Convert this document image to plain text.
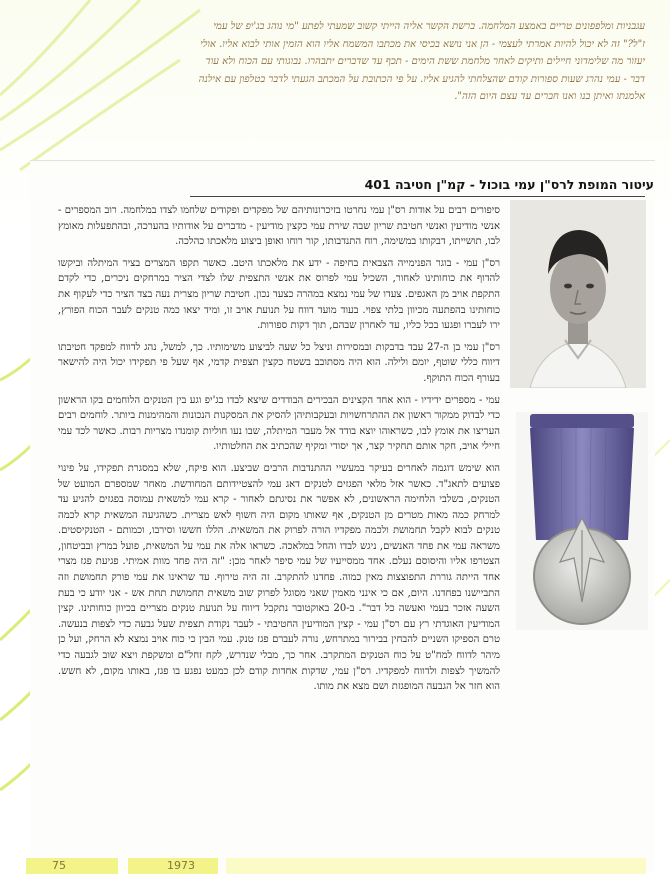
עגבניות ומלפפונים טריים באמצע המלחמה. ברשת הקשר אליה הייתי קשוב שמעתי לפתע "מי נוהג בג'יפ של עמי ז"ל?" זה לא יכול להיות אמרתי לעצמי - הן אני נושא בכיסי את מכתבו המשמח אליו הוא הזמין אותי לבוא אליו. אולי יעזור מה שלימדוני חיילים ותיקים לאחר מלחמת ששת הימים - תכף עד שדברים יתבהרו. נבוגותי עם הכוח ולא עוד דבר - עמי נהרג שעות ספורות קודם שהצלחתי להגיע אליו. על פי הכתובת על המכתב הגעתי לדבר בטלפון עם אילנה אלמנתו ואיתן בנו ואנו חברים עד עצם היום הזה".
עיטור המופת לרס"ן עמי בוכול - קמ"ן חטיבה 401

סיפורים רבים על אודות רס"ן עמי נחרטו בזיכרונותיהם של מפקדים ופקודים שלחמו לצדו במלחמה. רוב המספרים - אנשי מודיעין ואנשי חטיבת שריון שבה שירת עמי כקצין מודיעין - מדברים על אודותיו בהערכה, ובהתפעלות מאומץ לבו, תושייתו, דבקותו במשימה, רוח התנדבותו, קור רוחו ואופן ביצוע מלאכתו כהלכה.

רס"ן עמי - בוגר הפנימייה הצבאית בחיפה - ידע את מלאכתו היטב. כאשר תקפו המצרים בציר המיתלה וביקשו להדוף את כוחותינו לאחור, השכיל עמי לפרוס את אנשי התצפית שלו לצדי הציר במרחקים ניכרים, כדי לקדם התקפת אויב מן האגפים. צעדו של עמי נמצא במהרה כצעד נכון. חטיבת שריון מצרית נעה בצד הציר כדי לעקוף את כוחותינו בהפתעה מכיוון בלתי צפוי. בעוד מועד דווח על תנועת אויב זו, ומיד יצאו כמה טנקים לעבר הכוח הפורץ, ירו לעברו ופגעו בכל כליו, עד לאחרון שבהם, תוך דקות ספורות.

רס"ן עמי בן ה-27 עבד בדבקות ובמסירות וניצל כל שעה לביצוע משימותיו. כך, למשל, נהג לדווח למפקד חטיבתו דיווח כללי שוטף, יומם ולילה. הוא היה מסתובב בשטח כקצין תצפית קדמי, אף שעל פי תפקידו יכול היה להישאר בעורף הכוח התוקף.

עמי - מספרים ידידיו - הוא אחד הקצינים הבכירים הבודדים שיצא לבדו בג'יפ וגע בין הטנקים הלוחמים בקו הראשון כדי לבדוק ממקור ראשון את ההתרחשויות ובעקבותיהן להסיק את המסקנות הנכונות והמהימנות ביותר. לוחמים רבים העריצו את אומץ לבו, כשראוהו יוצא בודד אל מעבר המיתלה, שבו נעו חוליות קומנדו מצריות רבות. כאשר לכד עמי חיילי אויב, חקר אותם תחקיר קצר, אך יסודי ומקיף שהכתיב את החלטותיו.

הוא שימש דוגמה לאחרים בעיקר במעשיי ההתנדבות הרבים שביצע. הוא פיקח, שלא במסגרת תפקידו, על פינוי פצועים לתאג"ד. כאשר אזל מלאי הפגזים לטנקים דאג עמי להצטיידותם המחודשת. מאחר שמספרם המועט של הטנקים, בשלבי הלחימה הראשונים, לא אפשר את נסיגתם לאחור - קרא עמי למשאית עמוסה בפגזים להגיע עד למרחק כמה מאות מטרים מן הטנקים, אף שאותו מקום היה חשוף לאש מצרית. כשהגיעה המשאית קרא לכמה טנקים לבוא לקבל תחמושת ולכמה מפקדיו הורה לפרוק את המשאית. הללו חששו וסירבו, וכמותם - הטנקיסטים. משראה עמי את פחד האנשים, ניגש לבדו והחל במלאכה. כשראו אלה את עמי על המשאית, פועל במרץ ובביטחון, הצטרפו אליו והיסוסם נעלם. אחד ממסייעיו של עמי סיפר לאחר מכן: "זה היה פחד מוות אמיתי. פגיעת פגז מצרי אחד הייתה גוררת התפוצצות מאין כמוה. פחדנו להתקרב. זה היה טירוף. עד שראינו את עמי פורק תחמושת וזה התביישנו בפחדנו. היום, אם כי אינני מאמין שאני מסוגל לפרוק שוב משאית תחמושת תחת אש - אני יודע כי בעת השעה אזכר בעמי ואעשה כל דבר". ב-20 באוקטובר נתקבל דיווח על תנועת טנקים מצריים בכיוון כוחותינו. קצין המודיעין האוגדתי רץ עם רס"ן עמי - קצין המודיעין החטיבתי - לעבר נקודת תצפית שעל גבעה כדי לצפות בנעשה. טרם הספיקו השניים להבחין בבירור במתרחש, נורה לעברם פגז טנק. עמי הבין כי כוח אויב נמצא לא הרחק, ועל כן מיהר לדווח למח"ט על כוח הטנקים המתקרב. אחר כך, מבלי שנדרש, לקח זחל"ם ומשקפת ויצא שוב לגבעה כדי להמשיך לצפות ולדווח למפקדיו. רס"ן עמי, שדקות אחדות קודם לכן כמעט נפגע בו פגז, באותו מקום, לא חשש. הוא חזר אל הגבעה המופגזת ושם מצא את מותו.

75	1973
